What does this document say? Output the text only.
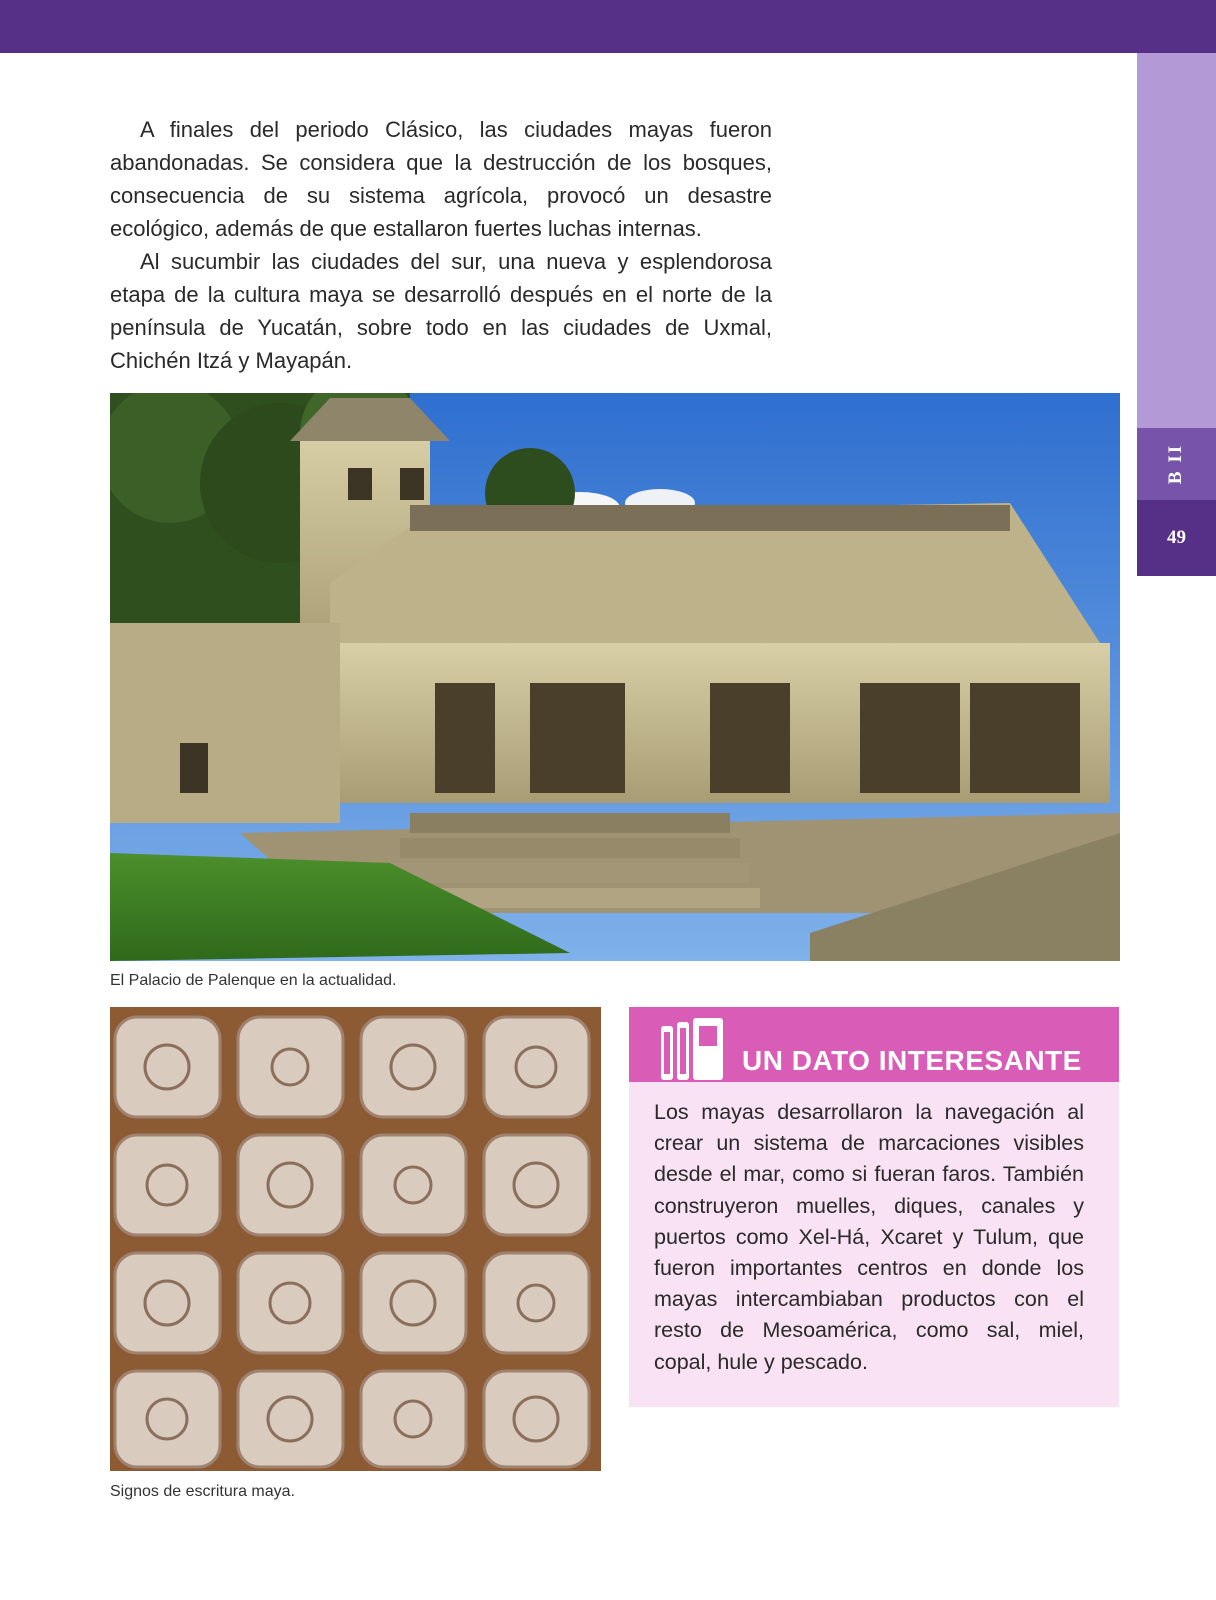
B II
49

A finales del periodo Clásico, las ciudades mayas fueron abandonadas. Se considera que la destrucción de los bosques, consecuencia de su sistema agrícola, provocó un desastre ecológico, además de que estallaron fuertes luchas internas.

Al sucumbir las ciudades del sur, una nueva y esplendorosa etapa de la cultura maya se desarrolló después en el norte de la península de Yucatán, sobre todo en las ciudades de Uxmal, Chichén Itzá y Mayapán.

El Palacio de Palenque en la actualidad.
Signos de escritura maya.
UN DATO INTERESANTE

Los mayas desarrollaron la navegación al crear un sistema de marcaciones visibles desde el mar, como si fueran faros. También construyeron muelles, diques, canales y puertos como Xel-Há, Xcaret y Tulum, que fueron importantes centros en donde los mayas intercambiaban productos con el resto de Mesoamérica, como sal, miel, copal, hule y pescado.
